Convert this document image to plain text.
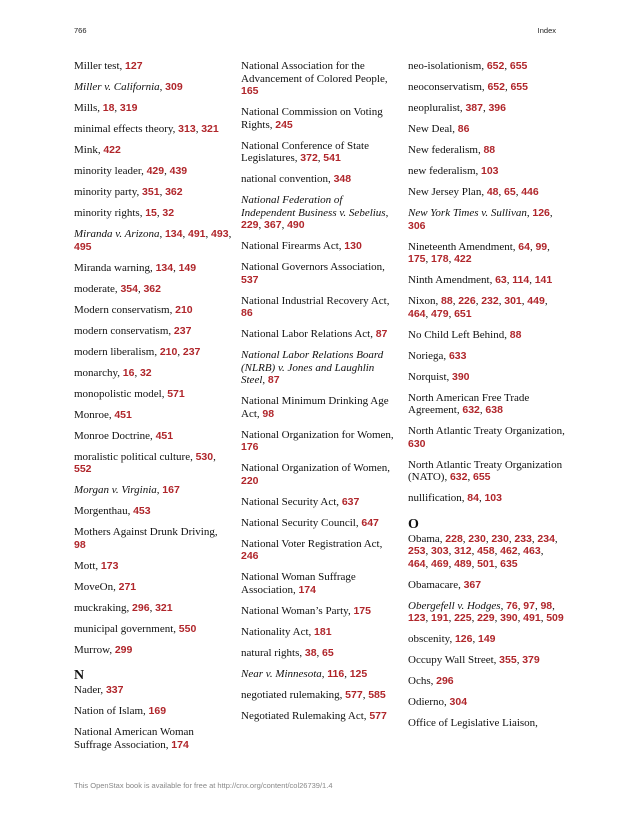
766	Index
Miller test, 127
Miller v. California, 309
Mills, 18, 319
minimal effects theory, 313, 321
Mink, 422
minority leader, 429, 439
minority party, 351, 362
minority rights, 15, 32
Miranda v. Arizona, 134, 491, 493, 495
Miranda warning, 134, 149
moderate, 354, 362
Modern conservatism, 210
modern conservatism, 237
modern liberalism, 210, 237
monarchy, 16, 32
monopolistic model, 571
Monroe, 451
Monroe Doctrine, 451
moralistic political culture, 530, 552
Morgan v. Virginia, 167
Morgenthau, 453
Mothers Against Drunk Driving, 98
Mott, 173
MoveOn, 271
muckraking, 296, 321
municipal government, 550
Murrow, 299
N
Nader, 337
Nation of Islam, 169
National American Woman Suffrage Association, 174
National Association for the Advancement of Colored People, 165
National Commission on Voting Rights, 245
National Conference of State Legislatures, 372, 541
national convention, 348
National Federation of Independent Business v. Sebelius, 229, 367, 490
National Firearms Act, 130
National Governors Association, 537
National Industrial Recovery Act, 86
National Labor Relations Act, 87
National Labor Relations Board (NLRB) v. Jones and Laughlin Steel, 87
National Minimum Drinking Age Act, 98
National Organization for Women, 176
National Organization of Women, 220
National Security Act, 637
National Security Council, 647
National Voter Registration Act, 246
National Woman Suffrage Association, 174
National Woman’s Party, 175
Nationality Act, 181
natural rights, 38, 65
Near v. Minnesota, 116, 125
negotiated rulemaking, 577, 585
Negotiated Rulemaking Act, 577
neo-isolationism, 652, 655
neoconservatism, 652, 655
neopluralist, 387, 396
New Deal, 86
New federalism, 88
new federalism, 103
New Jersey Plan, 48, 65, 446
New York Times v. Sullivan, 126, 306
Nineteenth Amendment, 64, 99, 175, 178, 422
Ninth Amendment, 63, 114, 141
Nixon, 88, 226, 232, 301, 449, 464, 479, 651
No Child Left Behind, 88
Noriega, 633
Norquist, 390
North American Free Trade Agreement, 632, 638
North Atlantic Treaty Organization, 630
North Atlantic Treaty Organization (NATO), 632, 655
nullification, 84, 103
O
Obama, 228, 230, 230, 233, 234, 253, 303, 312, 458, 462, 463, 464, 469, 489, 501, 635
Obamacare, 367
Obergefell v. Hodges, 76, 97, 98, 123, 191, 225, 229, 390, 491, 509
obscenity, 126, 149
Occupy Wall Street, 355, 379
Ochs, 296
Odierno, 304
Office of Legislative Liaison,
This OpenStax book is available for free at http://cnx.org/content/col26739/1.4
